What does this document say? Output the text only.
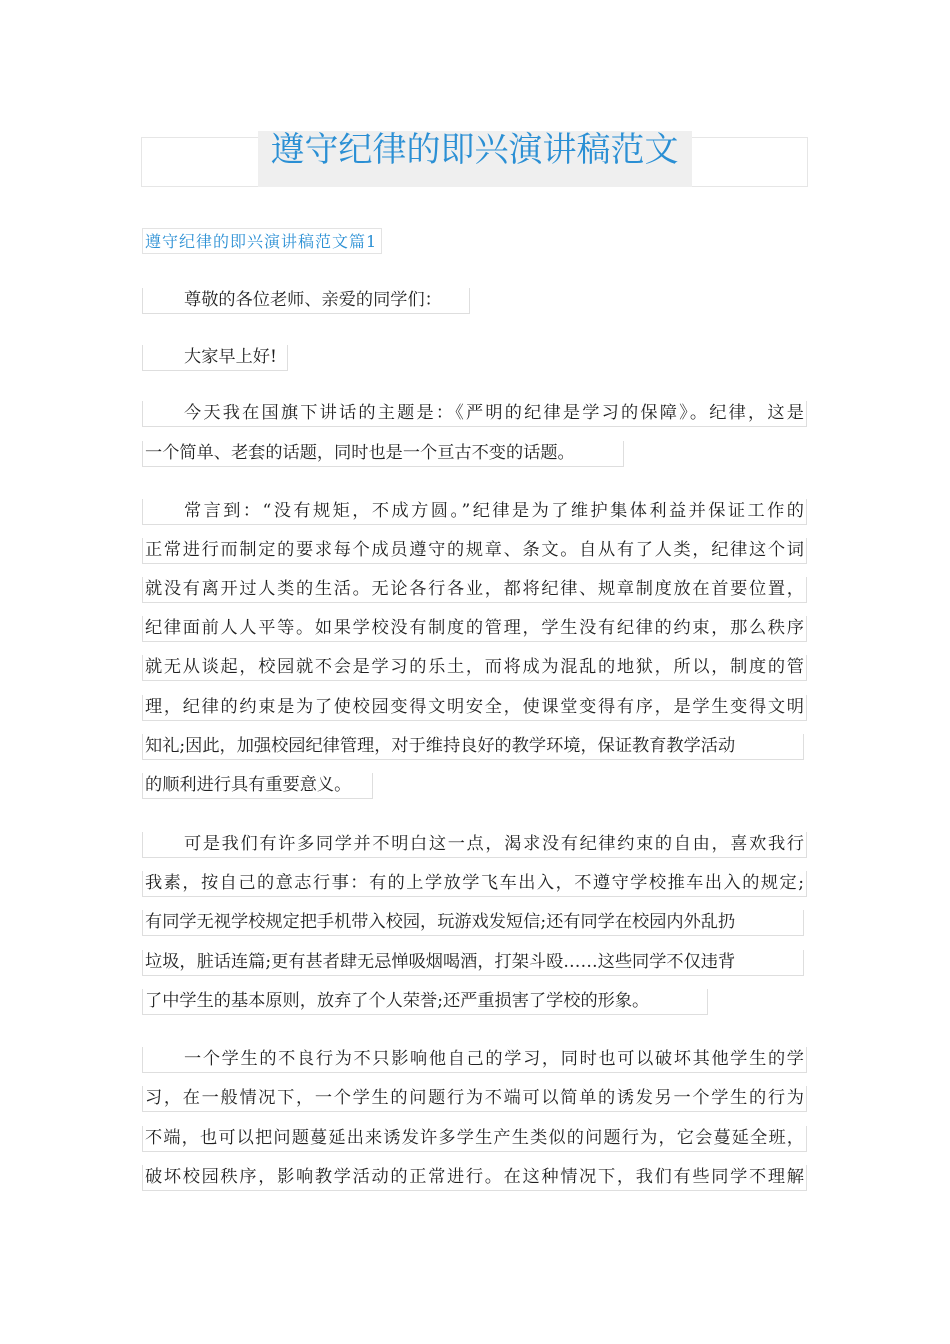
遵守纪律的即兴演讲稿范文
遵守纪律的即兴演讲稿范文篇1
尊敬的各位老师、亲爱的同学们：
大家早上好!
今天我在国旗下讲话的主题是：《严明的纪律是学习的保障》。纪律，这是
一个简单、老套的话题，同时也是一个亘古不变的话题。
常言到：“没有规矩，不成方圆。”纪律是为了维护集体利益并保证工作的
正常进行而制定的要求每个成员遵守的规章、条文。自从有了人类，纪律这个词
就没有离开过人类的生活。无论各行各业，都将纪律、规章制度放在首要位置，
纪律面前人人平等。如果学校没有制度的管理，学生没有纪律的约束，那么秩序
就无从谈起，校园就不会是学习的乐土，而将成为混乱的地狱，所以，制度的管
理，纪律的约束是为了使校园变得文明安全，使课堂变得有序，是学生变得文明
知礼;因此，加强校园纪律管理，对于维持良好的教学环境，保证教育教学活动
的顺利进行具有重要意义。
可是我们有许多同学并不明白这一点，渴求没有纪律约束的自由，喜欢我行
我素，按自己的意志行事：有的上学放学飞车出入，不遵守学校推车出入的规定;
有同学无视学校规定把手机带入校园，玩游戏发短信;还有同学在校园内外乱扔
垃圾，脏话连篇;更有甚者肆无忌惮吸烟喝酒，打架斗殴……这些同学不仅违背
了中学生的基本原则，放弃了个人荣誉;还严重损害了学校的形象。
一个学生的不良行为不只影响他自己的学习，同时也可以破坏其他学生的学
习，在一般情况下，一个学生的问题行为不端可以简单的诱发另一个学生的行为
不端，也可以把问题蔓延出来诱发许多学生产生类似的问题行为，它会蔓延全班，
破坏校园秩序，影响教学活动的正常进行。在这种情况下，我们有些同学不理解
